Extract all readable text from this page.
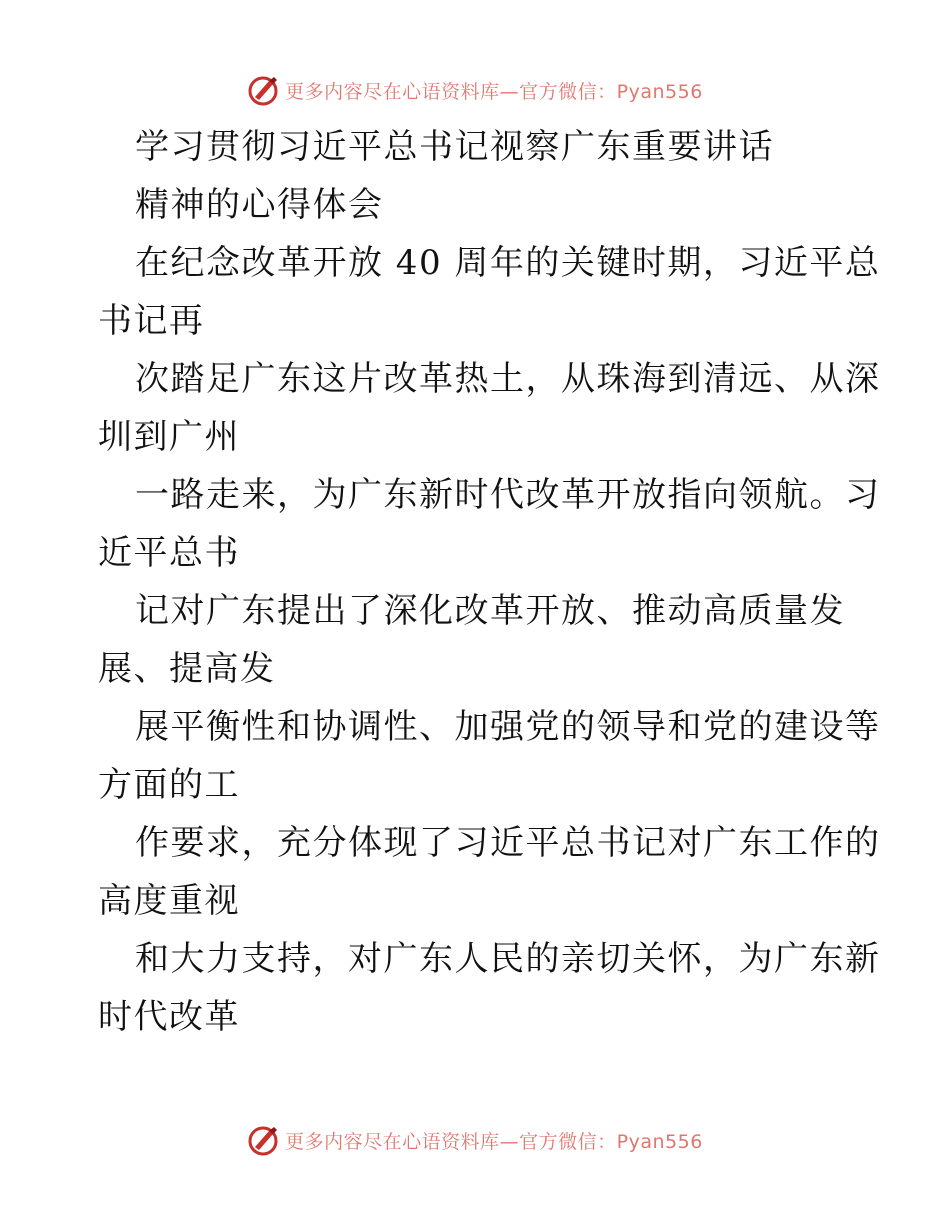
更多内容尽在心语资料库—官方微信：Pyan556
学习贯彻习近平总书记视察广东重要讲话
精神的心得体会
在纪念改革开放 40 周年的关键时期，习近平总
书记再
次踏足广东这片改革热土，从珠海到清远、从深
圳到广州
一路走来，为广东新时代改革开放指向领航。习
近平总书
记对广东提出了深化改革开放、推动高质量发
展、提高发
展平衡性和协调性、加强党的领导和党的建设等
方面的工
作要求，充分体现了习近平总书记对广东工作的
高度重视
和大力支持，对广东人民的亲切关怀，为广东新
时代改革
更多内容尽在心语资料库—官方微信：Pyan556
